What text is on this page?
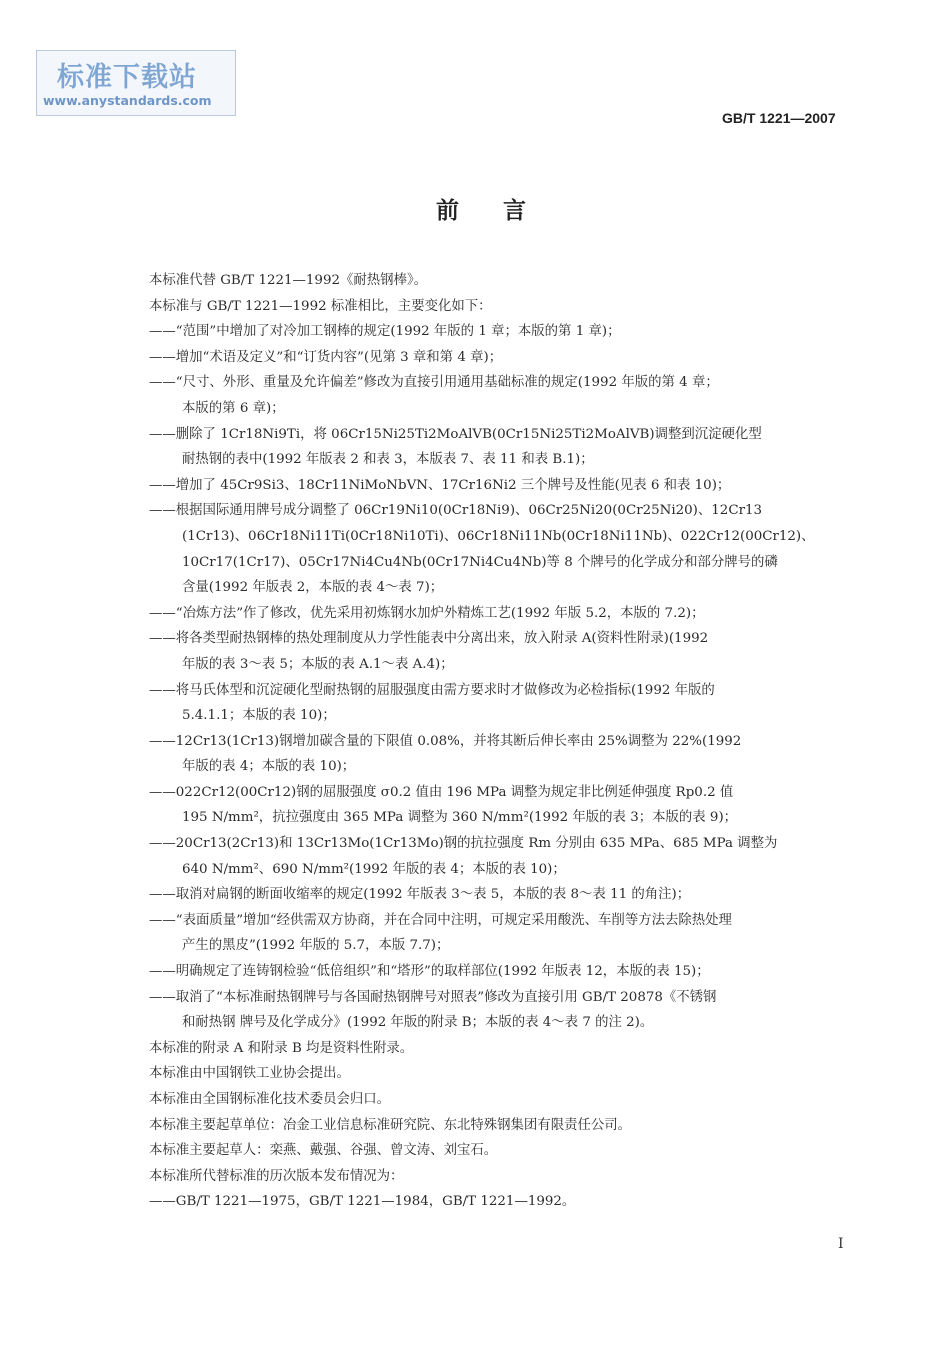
标准下载站
www.anystandards.com
GB/T 1221—2007
前言
本标准代替 GB/T 1221—1992《耐热钢棒》。
本标准与 GB/T 1221—1992 标准相比，主要变化如下：
——“范围”中增加了对冷加工钢棒的规定(1992 年版的 1 章；本版的第 1 章)；
——增加“术语及定义”和“订货内容”(见第 3 章和第 4 章)；
——“尺寸、外形、重量及允许偏差”修改为直接引用通用基础标准的规定(1992 年版的第 4 章；
本版的第 6 章)；
——删除了 1Cr18Ni9Ti，将 06Cr15Ni25Ti2MoAlVB(0Cr15Ni25Ti2MoAlVB)调整到沉淀硬化型
耐热钢的表中(1992 年版表 2 和表 3，本版表 7、表 11 和表 B.1)；
——增加了 45Cr9Si3、18Cr11NiMoNbVN、17Cr16Ni2 三个牌号及性能(见表 6 和表 10)；
——根据国际通用牌号成分调整了 06Cr19Ni10(0Cr18Ni9)、06Cr25Ni20(0Cr25Ni20)、12Cr13
(1Cr13)、06Cr18Ni11Ti(0Cr18Ni10Ti)、06Cr18Ni11Nb(0Cr18Ni11Nb)、022Cr12(00Cr12)、
10Cr17(1Cr17)、05Cr17Ni4Cu4Nb(0Cr17Ni4Cu4Nb)等 8 个牌号的化学成分和部分牌号的磷
含量(1992 年版表 2，本版的表 4～表 7)；
——“冶炼方法”作了修改，优先采用初炼钢水加炉外精炼工艺(1992 年版 5.2，本版的 7.2)；
——将各类型耐热钢棒的热处理制度从力学性能表中分离出来，放入附录 A(资料性附录)(1992
年版的表 3～表 5；本版的表 A.1～表 A.4)；
——将马氏体型和沉淀硬化型耐热钢的屈服强度由需方要求时才做修改为必检指标(1992 年版的
5.4.1.1；本版的表 10)；
——12Cr13(1Cr13)钢增加碳含量的下限值 0.08%，并将其断后伸长率由 25%调整为 22%(1992
年版的表 4；本版的表 10)；
——022Cr12(00Cr12)钢的屈服强度 σ0.2 值由 196 MPa 调整为规定非比例延伸强度 Rp0.2 值
195 N/mm²，抗拉强度由 365 MPa 调整为 360 N/mm²(1992 年版的表 3；本版的表 9)；
——20Cr13(2Cr13)和 13Cr13Mo(1Cr13Mo)钢的抗拉强度 Rm 分别由 635 MPa、685 MPa 调整为
640 N/mm²、690 N/mm²(1992 年版的表 4；本版的表 10)；
——取消对扁钢的断面收缩率的规定(1992 年版表 3～表 5，本版的表 8～表 11 的角注)；
——“表面质量”增加“经供需双方协商，并在合同中注明，可规定采用酸洗、车削等方法去除热处理
产生的黑皮”(1992 年版的 5.7，本版 7.7)；
——明确规定了连铸钢检验“低倍组织”和“塔形”的取样部位(1992 年版表 12，本版的表 15)；
——取消了“本标准耐热钢牌号与各国耐热钢牌号对照表”修改为直接引用 GB/T 20878《不锈钢
和耐热钢 牌号及化学成分》(1992 年版的附录 B；本版的表 4～表 7 的注 2)。
本标准的附录 A 和附录 B 均是资料性附录。
本标准由中国钢铁工业协会提出。
本标准由全国钢标准化技术委员会归口。
本标准主要起草单位：冶金工业信息标准研究院、东北特殊钢集团有限责任公司。
本标准主要起草人：栾燕、戴强、谷强、曾文涛、刘宝石。
本标准所代替标准的历次版本发布情况为：
——GB/T 1221—1975，GB/T 1221—1984，GB/T 1221—1992。
I
